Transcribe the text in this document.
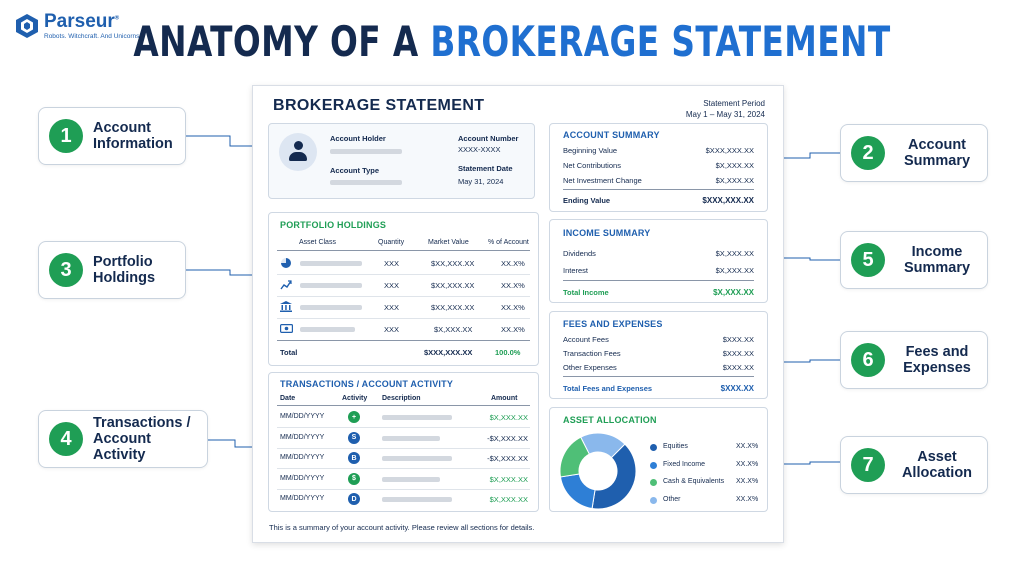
Parseur®
Robots. Witchcraft. And Unicorns.
ANATOMY OF A BROKERAGE STATEMENT
1	Account Information
3	Portfolio Holdings
4
Transactions / Account Activity
2	Account Summary
5	Income Summary
6	Fees and Expenses
7	Asset Allocation
BROKERAGE STATEMENT	Statement Period
May 1 – May 31, 2024
Account Holder
Account Type
Account Number
XXXX-XXXX
Statement Date
May 31, 2024
ACCOUNT SUMMARY
Beginning Value	$XXX,XXX.XX
Net Contributions	$X,XXX.XX
Net Investment Change	$X,XXX.XX
Ending Value	$XXX,XXX.XX
PORTFOLIO HOLDINGS
Asset Class	Quantity	Market Value	% of Account
XXX	$XX,XXX.XX	XX.X%
XXX	$XX,XXX.XX	XX.X%
XXX	$XX,XXX.XX	XX.X%
XXX	$X,XXX.XX	XX.X%
Total	$XXX,XXX.XX	100.0%
INCOME SUMMARY
Dividends	$X,XXX.XX
Interest	$X,XXX.XX
Total Income	$X,XXX.XX
FEES AND EXPENSES
Account Fees	$XXX.XX
Transaction Fees	$XXX.XX
Other Expenses	$XXX.XX
Total Fees and Expenses	$XXX.XX
TRANSACTIONS / ACCOUNT ACTIVITY
Date	Activity Description	Amount
MM/DD/YYYY	+	$X,XXX.XX
MM/DD/YYYY	S	-$X,XXX.XX
MM/DD/YYYY	B	-$X,XXX.XX
MM/DD/YYYY	$	$X,XXX.XX
MM/DD/YYYY	D	$X,XXX.XX
ASSET ALLOCATION
Equities	XX.X%
Fixed Income	XX.X%
Cash & Equivalents XX.X%
Other	XX.X%
This is a summary of your account activity. Please review all sections for details.
